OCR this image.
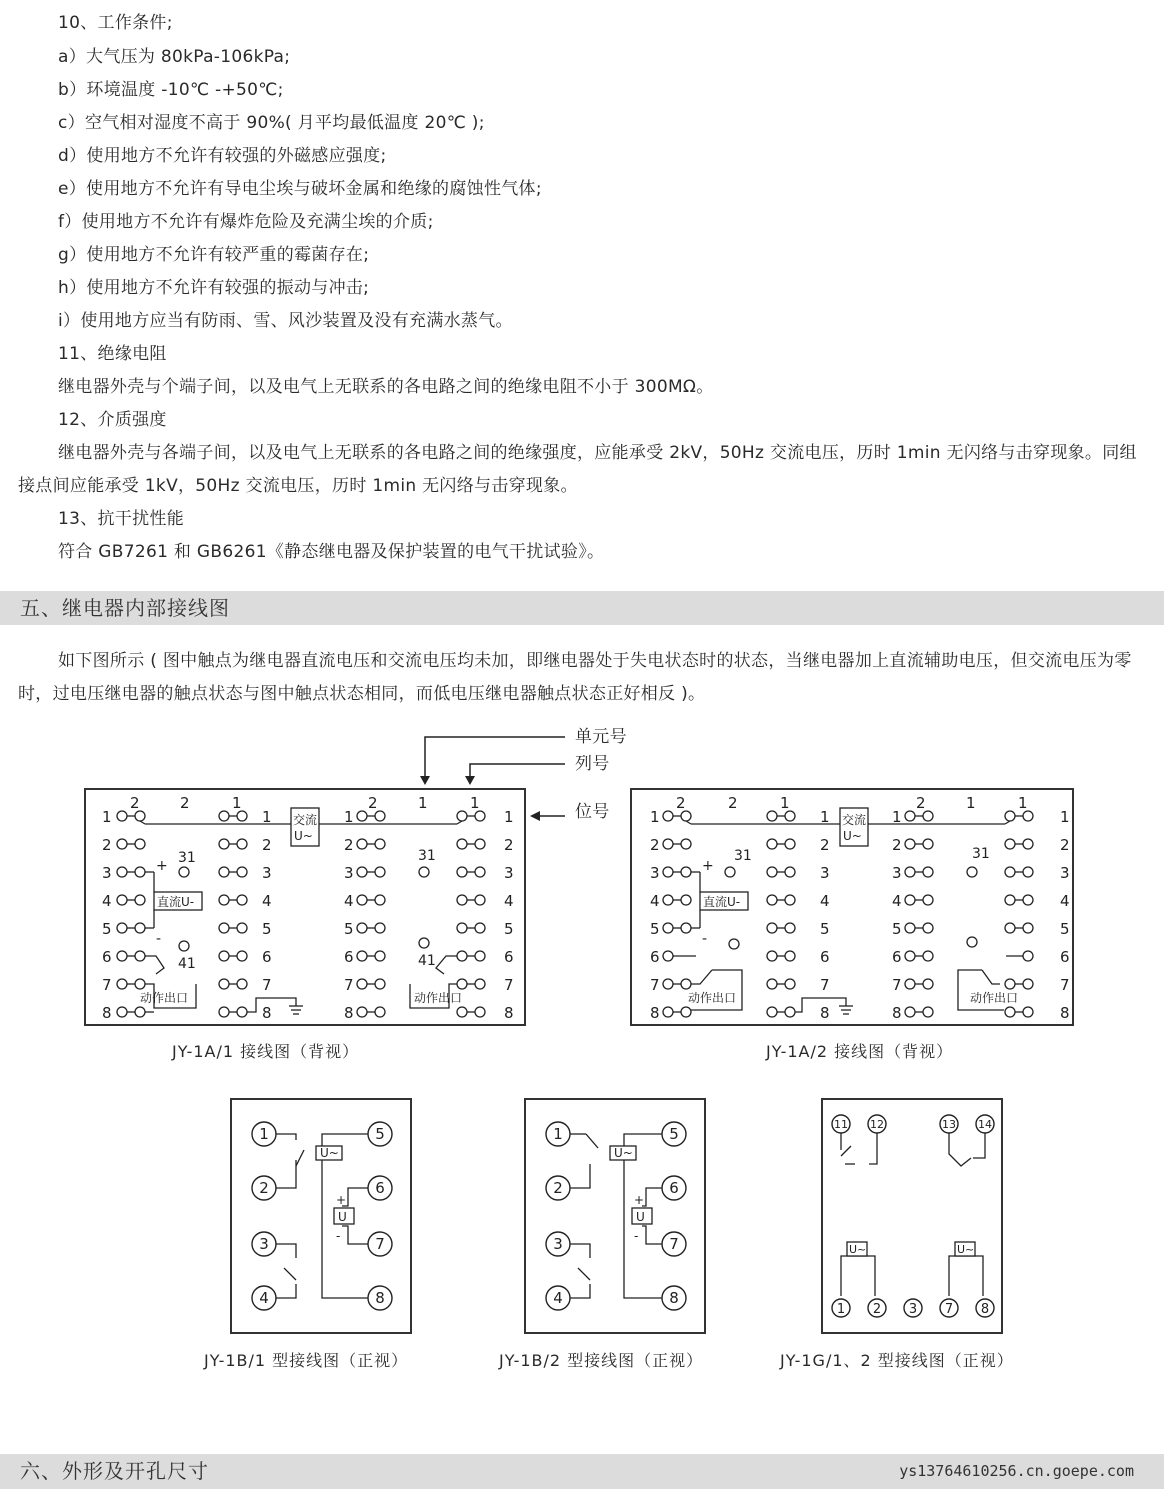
10、工作条件;
a）大气压为 80kPa-106kPa;
b）环境温度 -10℃ -+50℃;
c）空气相对湿度不高于 90%( 月平均最低温度 20℃ );
d）使用地方不允许有较强的外磁感应强度;
e）使用地方不允许有导电尘埃与破坏金属和绝缘的腐蚀性气体;
f）使用地方不允许有爆炸危险及充满尘埃的介质;
g）使用地方不允许有较严重的霉菌存在;
h）使用地方不允许有较强的振动与冲击;
i）使用地方应当有防雨、雪、风沙装置及没有充满水蒸气。
11、绝缘电阻
继电器外壳与个端子间，以及电气上无联系的各电路之间的绝缘电阻不小于 300MΩ。
12、介质强度
继电器外壳与各端子间，以及电气上无联系的各电路之间的绝缘强度，应能承受 2kV，50Hz 交流电压，历时 1min 无闪络与击穿现象。同组接点间应能承受 1kV，50Hz 交流电压，历时 1min 无闪络与击穿现象。
13、抗干扰性能
符合 GB7261 和 GB6261《静态继电器及保护装置的电气干扰试验》。
五、继电器内部接线图
如下图所示 ( 图中触点为继电器直流电压和交流电压均未加，即继电器处于失电状态时的状态，当继电器加上直流辅助电压，但交流电压为零时，过电压继电器的触点状态与图中触点状态相同，而低电压继电器触点状态正好相反 )。
单元号
列号
位号
2	2	1	2	1	1
1
2
3
4
5
6
7
8
1
2
3
4
5
6
7
8
1
2
3
4
5
6
7
8
1
2
3
4
5
6
7
8
交流
U~
直流U-
动作出口	动作出口
+
-
31
41
31
41
JY-1A/1 接线图（背视）
2	2	1	2	1	1
1
2
3
4
5
6
7
8
1
2
3
4
5
6
7
8
1
2
3
4
5
6
7
8
1
2
3
4
5
6
7
8
交流
U~
直流U-
动作出口	动作出口
+
-
31	31
JY-1A/2 接线图（背视）
1
2
3
4
5
6
7
8
U~
U
+
-
JY-1B/1 型接线图（正视）
1
2
3
4
5
6
7
8
U~
U
+
-
JY-1B/2 型接线图（正视）
11 12	13 14
1 2 3 7 8
U~	U~
JY-1G/1、2 型接线图（正视）
六、外形及开孔尺寸	ys13764610256.cn.goepe.com
